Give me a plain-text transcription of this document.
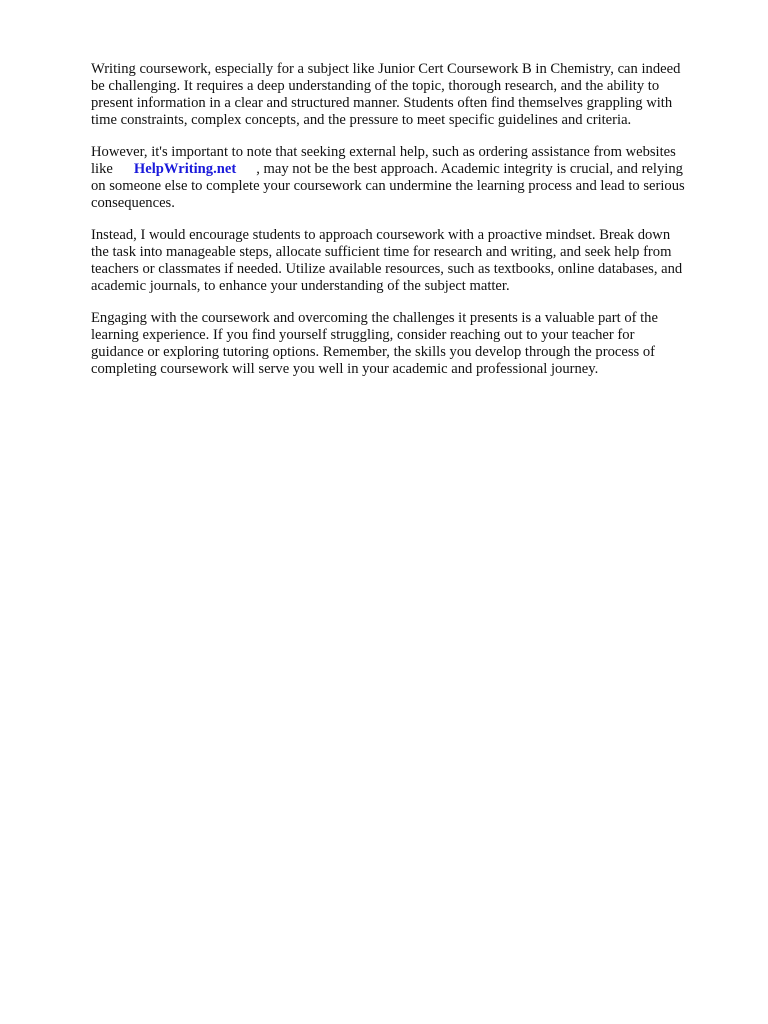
Writing coursework, especially for a subject like Junior Cert Coursework B in Chemistry, can indeed
be challenging. It requires a deep understanding of the topic, thorough research, and the ability to
present information in a clear and structured manner. Students often find themselves grappling with
time constraints, complex concepts, and the pressure to meet specific guidelines and criteria.

However, it's important to note that seeking external help, such as ordering assistance from websites
like HelpWriting.net , may not be the best approach. Academic integrity is crucial, and relying
on someone else to complete your coursework can undermine the learning process and lead to serious
consequences.

Instead, I would encourage students to approach coursework with a proactive mindset. Break down
the task into manageable steps, allocate sufficient time for research and writing, and seek help from
teachers or classmates if needed. Utilize available resources, such as textbooks, online databases, and
academic journals, to enhance your understanding of the subject matter.

Engaging with the coursework and overcoming the challenges it presents is a valuable part of the
learning experience. If you find yourself struggling, consider reaching out to your teacher for
guidance or exploring tutoring options. Remember, the skills you develop through the process of
completing coursework will serve you well in your academic and professional journey.
